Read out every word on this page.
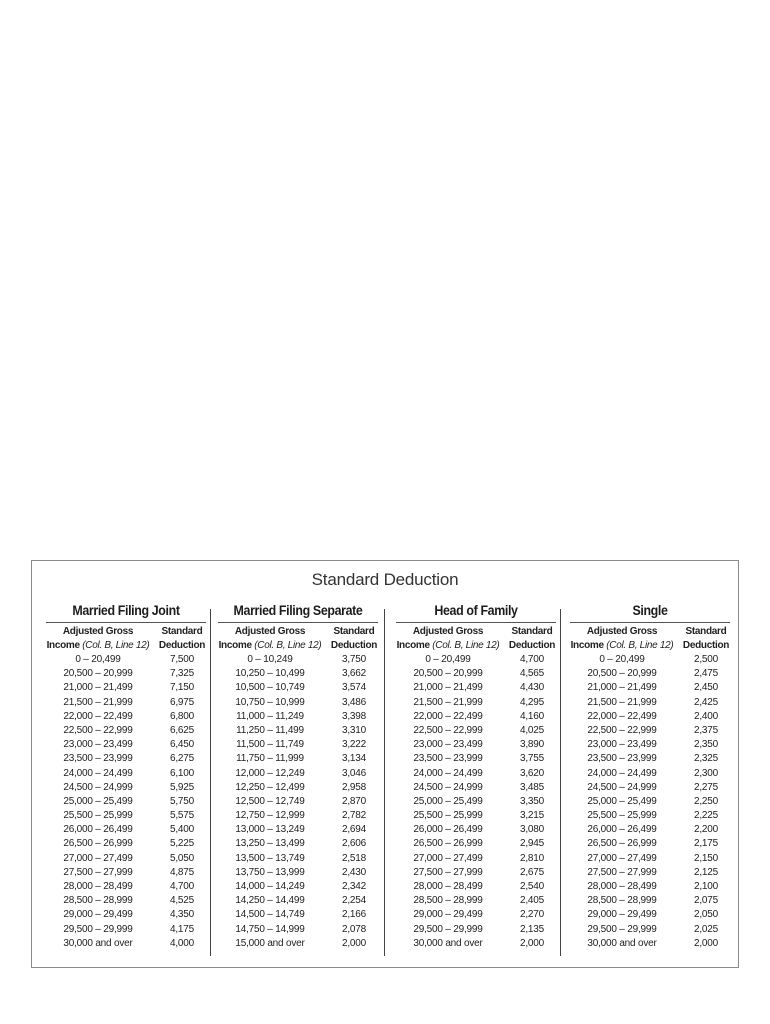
Standard Deduction
Married Filing Joint
Adjusted Gross
Income (Col. B, Line 12)
Standard
Deduction
0 – 20,499	7,500
20,500 – 20,999	7,325
21,000 – 21,499	7,150
21,500 – 21,999	6,975
22,000 – 22,499	6,800
22,500 – 22,999	6,625
23,000 – 23,499	6,450
23,500 – 23,999	6,275
24,000 – 24,499	6,100
24,500 – 24,999	5,925
25,000 – 25,499	5,750
25,500 – 25,999	5,575
26,000 – 26,499	5,400
26,500 – 26,999	5,225
27,000 – 27,499	5,050
27,500 – 27,999	4,875
28,000 – 28,499	4,700
28,500 – 28,999	4,525
29,000 – 29,499	4,350
29,500 – 29,999	4,175
30,000 and over	4,000
Married Filing Separate
Adjusted Gross
Income (Col. B, Line 12)
Standard
Deduction
0 – 10,249	3,750
10,250 – 10,499	3,662
10,500 – 10,749	3,574
10,750 – 10,999	3,486
11,000 – 11,249	3,398
11,250 – 11,499	3,310
11,500 – 11,749	3,222
11,750 – 11,999	3,134
12,000 – 12,249	3,046
12,250 – 12,499	2,958
12,500 – 12,749	2,870
12,750 – 12,999	2,782
13,000 – 13,249	2,694
13,250 – 13,499	2,606
13,500 – 13,749	2,518
13,750 – 13,999	2,430
14,000 – 14,249	2,342
14,250 – 14,499	2,254
14,500 – 14,749	2,166
14,750 – 14,999	2,078
15,000 and over	2,000
Head of Family
Adjusted Gross
Income (Col. B, Line 12)
Standard
Deduction
0 – 20,499	4,700
20,500 – 20,999	4,565
21,000 – 21,499	4,430
21,500 – 21,999	4,295
22,000 – 22,499	4,160
22,500 – 22,999	4,025
23,000 – 23,499	3,890
23,500 – 23,999	3,755
24,000 – 24,499	3,620
24,500 – 24,999	3,485
25,000 – 25,499	3,350
25,500 – 25,999	3,215
26,000 – 26,499	3,080
26,500 – 26,999	2,945
27,000 – 27,499	2,810
27,500 – 27,999	2,675
28,000 – 28,499	2,540
28,500 – 28,999	2,405
29,000 – 29,499	2,270
29,500 – 29,999	2,135
30,000 and over	2,000
Single
Adjusted Gross
Income (Col. B, Line 12)
Standard
Deduction
0 – 20,499	2,500
20,500 – 20,999	2,475
21,000 – 21,499	2,450
21,500 – 21,999	2,425
22,000 – 22,499	2,400
22,500 – 22,999	2,375
23,000 – 23,499	2,350
23,500 – 23,999	2,325
24,000 – 24,499	2,300
24,500 – 24,999	2,275
25,000 – 25,499	2,250
25,500 – 25,999	2,225
26,000 – 26,499	2,200
26,500 – 26,999	2,175
27,000 – 27,499	2,150
27,500 – 27,999	2,125
28,000 – 28,499	2,100
28,500 – 28,999	2,075
29,000 – 29,499	2,050
29,500 – 29,999	2,025
30,000 and over	2,000
